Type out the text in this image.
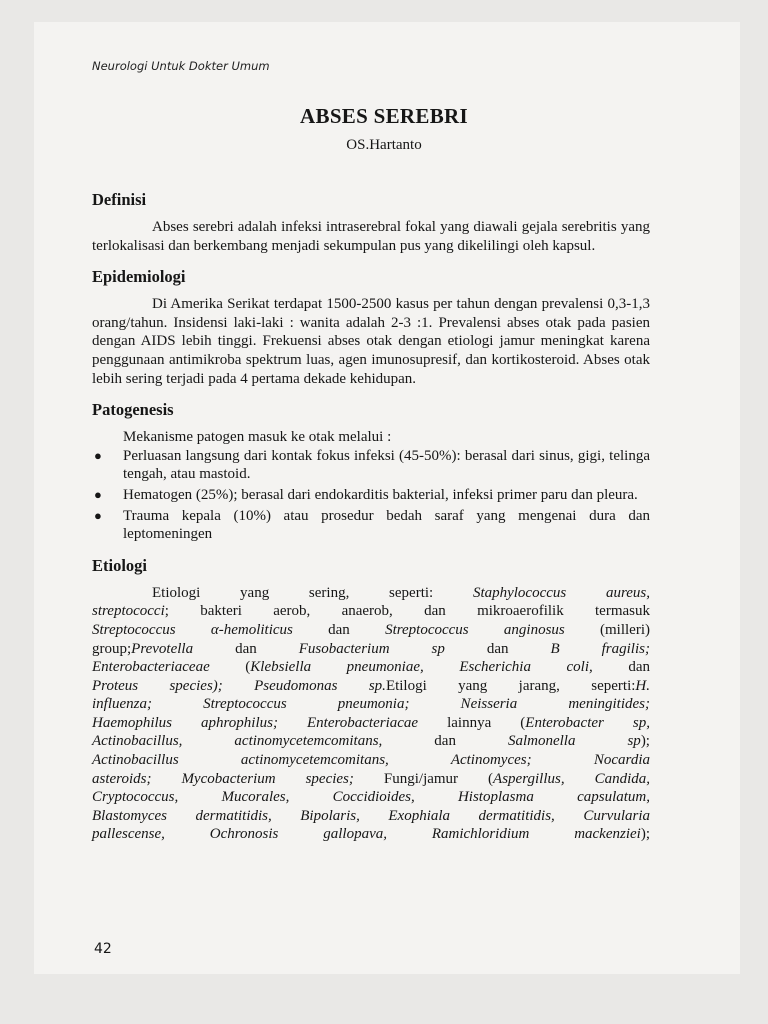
Neurologi Untuk Dokter Umum
ABSES SEREBRI
OS.Hartanto
Definisi

Abses serebri adalah infeksi intraserebral fokal yang diawali gejala serebritis yang terlokalisasi dan berkembang menjadi sekumpulan pus yang dikelilingi oleh kapsul.

Epidemiologi

Di Amerika Serikat terdapat 1500-2500 kasus per tahun dengan prevalensi 0,3-1,3 orang/tahun. Insidensi laki-laki : wanita adalah 2-3 :1. Prevalensi abses otak pada pasien dengan AIDS lebih tinggi. Frekuensi abses otak dengan etiologi jamur meningkat karena penggunaan antimikroba spektrum luas, agen imunosupresif, dan kortikosteroid. Abses otak lebih sering terjadi pada 4 pertama dekade kehidupan.

Patogenesis
Mekanisme patogen masuk ke otak melalui :
● Perluasan langsung dari kontak fokus infeksi (45-50%): berasal dari sinus, gigi, telinga tengah, atau mastoid.
● Hematogen (25%); berasal dari endokarditis bakterial, infeksi primer paru dan pleura.
● Trauma kepala (10%) atau prosedur bedah saraf yang mengenai dura dan leptomeningen
Etiologi

Etiologi yang sering, seperti: Staphylococcus aureus,

streptococci; bakteri aerob, anaerob, dan mikroaerofilik termasuk

Streptococcus α-hemoliticus dan Streptococcus anginosus (milleri)

group;Prevotella dan Fusobacterium sp dan B fragilis;

Enterobacteriaceae (Klebsiella pneumoniae, Escherichia coli, dan

Proteus species); Pseudomonas sp.Etilogi yang jarang, seperti:H.

influenza; Streptococcus pneumonia; Neisseria meningitides;

Haemophilus aphrophilus; Enterobacteriacae lainnya (Enterobacter sp,

Actinobacillus, actinomycetemcomitans, dan Salmonella sp);

Actinobacillus actinomycetemcomitans, Actinomyces; Nocardia

asteroids; Mycobacterium species; Fungi/jamur (Aspergillus, Candida,

Cryptococcus, Mucorales, Coccidioides, Histoplasma capsulatum,

Blastomyces dermatitidis, Bipolaris, Exophiala dermatitidis, Curvularia

pallescense, Ochronosis gallopava, Ramichloridium mackenziei);

42
